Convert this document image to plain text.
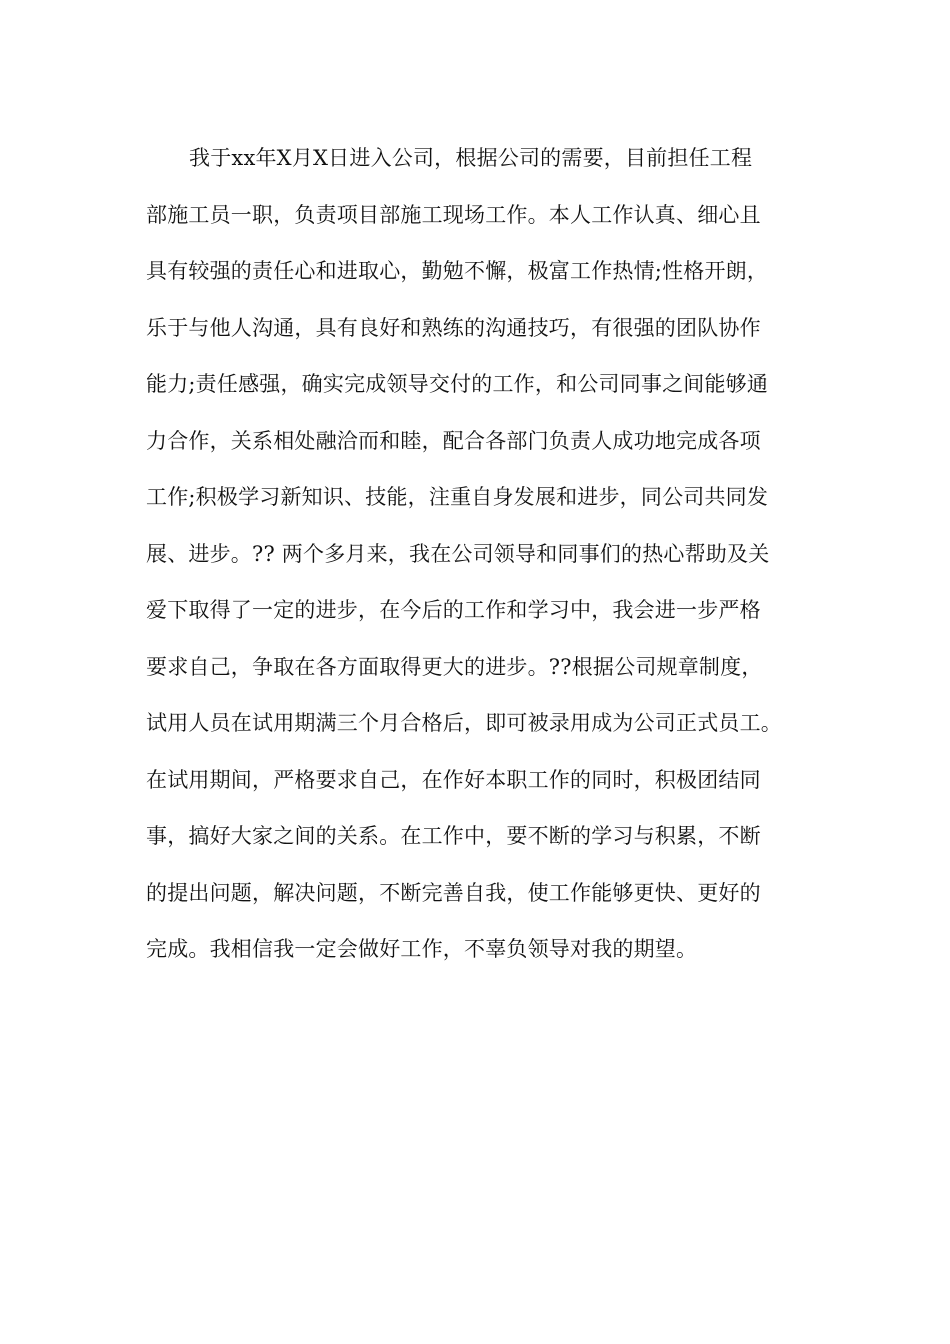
我于xx年X月X日进入公司，根据公司的需要，目前担任工程
部施工员一职，负责项目部施工现场工作。本人工作认真、细心且
具有较强的责任心和进取心，勤勉不懈，极富工作热情;性格开朗，
乐于与他人沟通，具有良好和熟练的沟通技巧，有很强的团队协作
能力;责任感强，确实完成领导交付的工作，和公司同事之间能够通
力合作，关系相处融洽而和睦，配合各部门负责人成功地完成各项
工作;积极学习新知识、技能，注重自身发展和进步，同公司共同发
展、进步。?? 两个多月来，我在公司领导和同事们的热心帮助及关
爱下取得了一定的进步，在今后的工作和学习中，我会进一步严格
要求自己，争取在各方面取得更大的进步。??根据公司规章制度，
试用人员在试用期满三个月合格后，即可被录用成为公司正式员工。
在试用期间，严格要求自己，在作好本职工作的同时，积极团结同
事，搞好大家之间的关系。在工作中，要不断的学习与积累，不断
的提出问题，解决问题，不断完善自我，使工作能够更快、更好的
完成。我相信我一定会做好工作，不辜负领导对我的期望。
